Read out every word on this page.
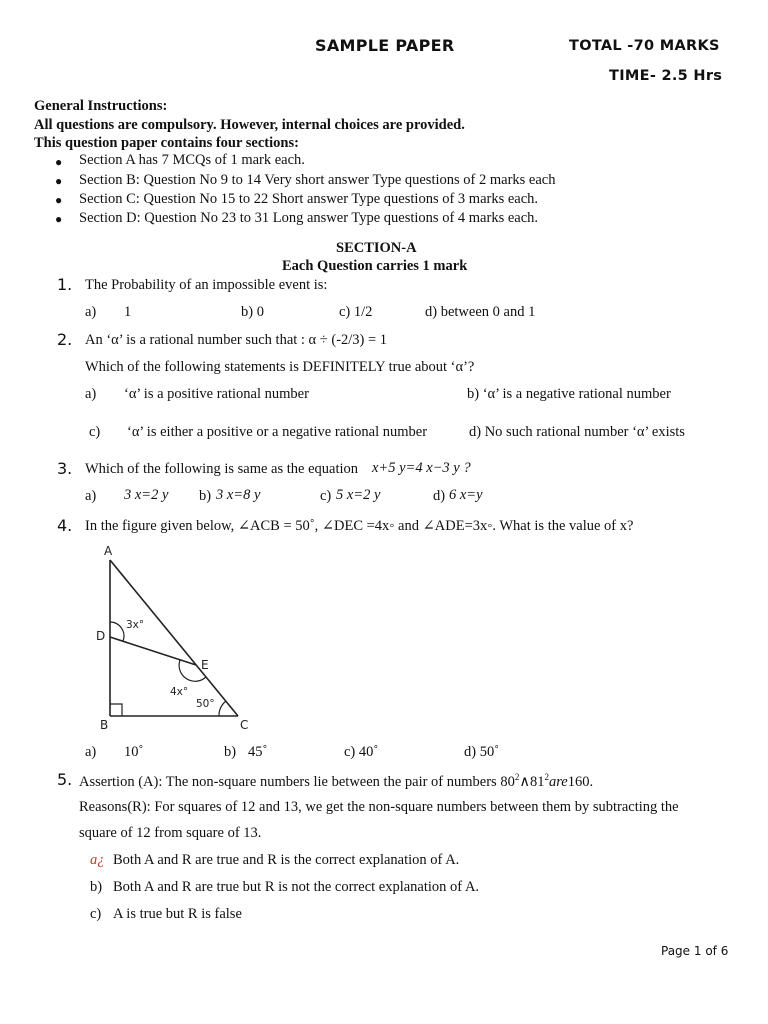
SAMPLE PAPER	TOTAL -70 MARKS
TIME- 2.5 Hrs
General Instructions:
All questions are compulsory. However, internal choices are provided.
This question paper contains four sections:
● Section A has 7 MCQs of 1 mark each.
● Section B: Question No 9 to 14 Very short answer Type questions of 2 marks each
● Section C: Question No 15 to 22 Short answer Type questions of 3 marks each.
● Section D: Question No 23 to 31 Long answer Type questions of 4 marks each.
SECTION-A
Each Question carries 1 mark
1. The Probability of an impossible event is:
a) 1	b) 0	c) 1/2	d) between 0 and 1
2. An ‘α’ is a rational number such that : α ÷ (-2/3) = 1
Which of the following statements is DEFINITELY true about ‘α’?
a) ‘α’ is a positive rational number	b) ‘α’ is a negative rational number
c) ‘α’ is either a positive or a negative rational number	d) No such rational number ‘α’ exists
3. Which of the following is same as the equation x+5 y=4 x−3 y ?
a) 3 x=2 y b) 3 x=8 y	c) 5 x=2 y	d) 6 x=y
4. In the figure given below, ∠ACB = 50˚, ∠DEC =4x◦ and ∠ADE=3x◦. What is the value of x?
A
D
B	C
E
3x°
4x°
50°
a) 10˚	b) 45˚	c) 40˚	d) 50˚
5. Assertion (A): The non-square numbers lie between the pair of numbers $80^2\wedge 81^2are160$.
Reasons(R): For squares of 12 and 13, we get the non-square numbers between them by subtracting the
square of 12 from square of 13.
a¿ Both A and R are true and R is the correct explanation of A.
b) Both A and R are true but R is not the correct explanation of A.
c) A is true but R is false
Page 1 of 6
